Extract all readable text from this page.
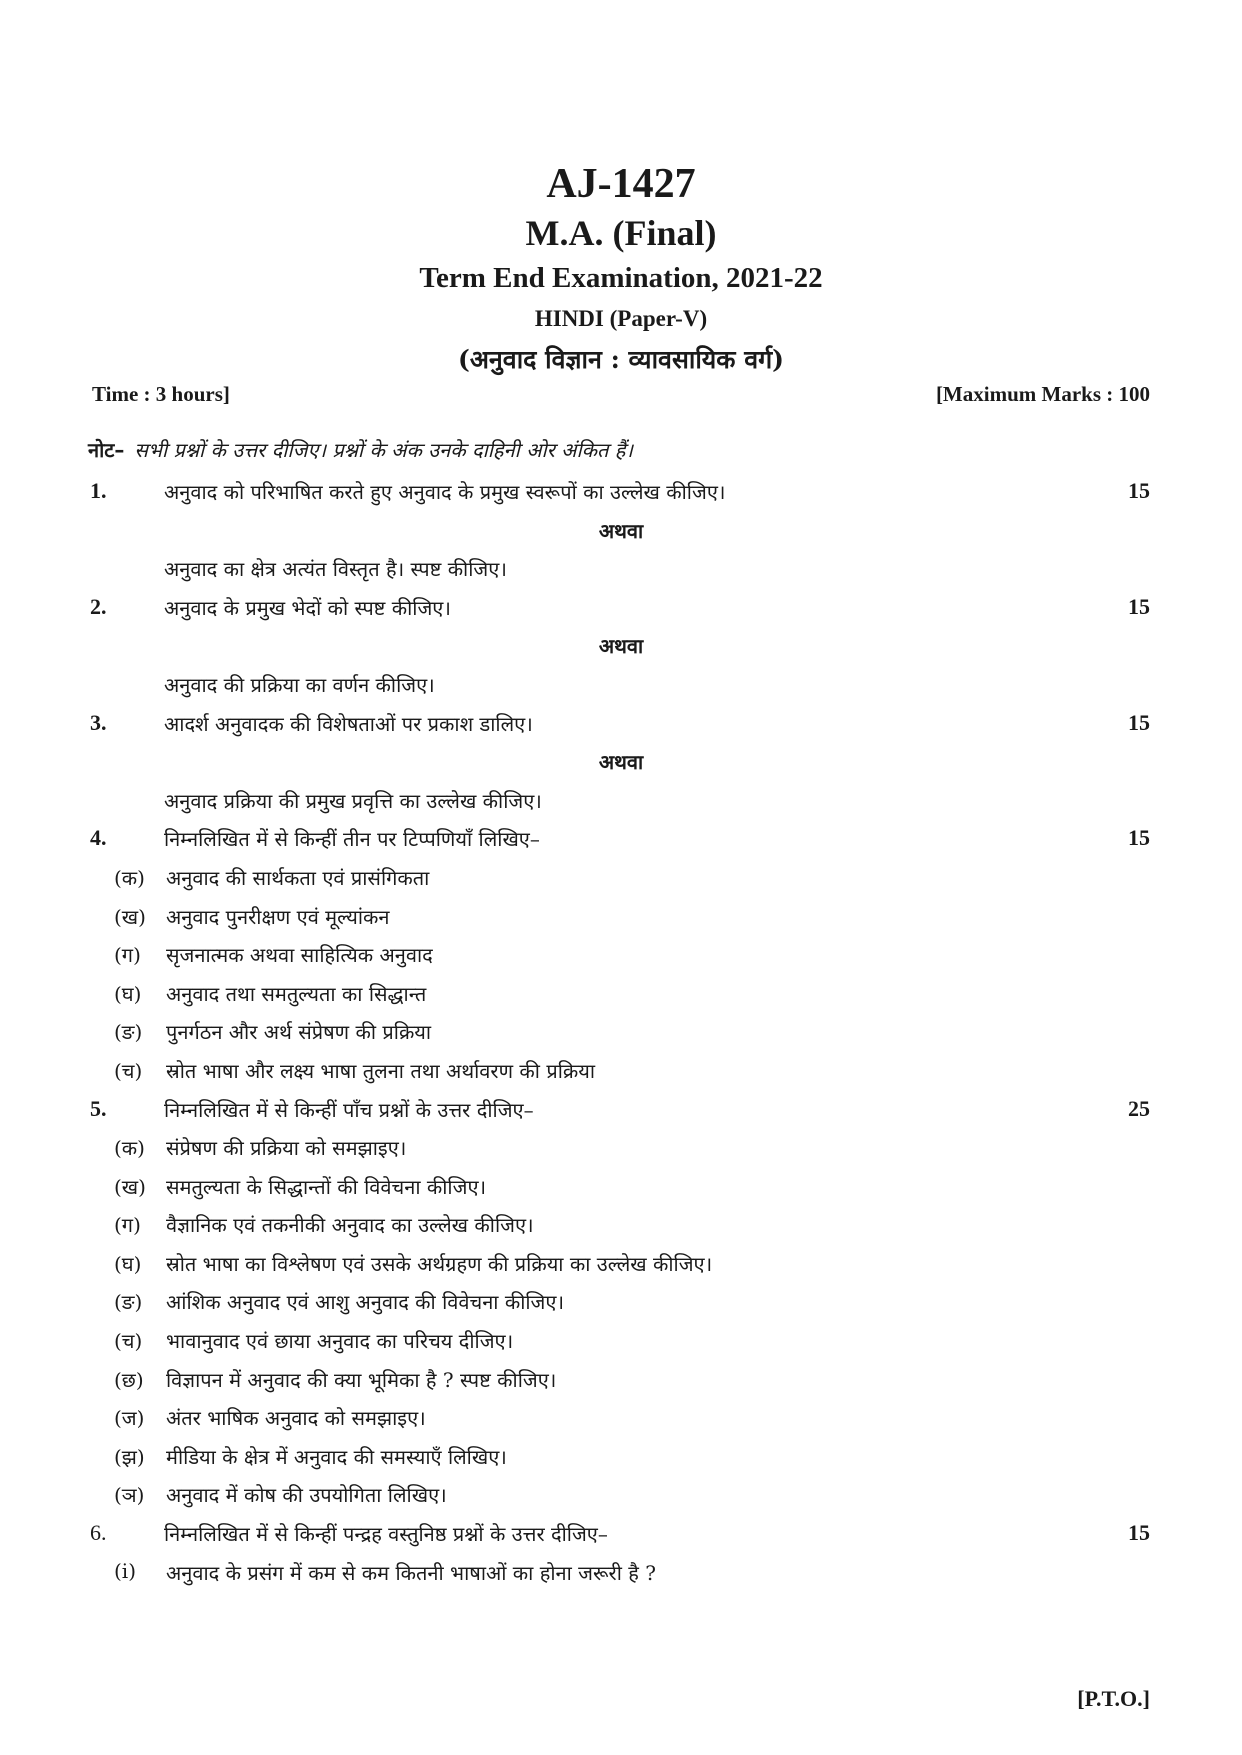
AJ-1427
M.A. (Final)
Term End Examination, 2021-22
HINDI (Paper-V)
(अनुवाद विज्ञान : व्यावसायिक वर्ग)
Time : 3 hours]	[Maximum Marks : 100
नोट– सभी प्रश्नों के उत्तर दीजिए। प्रश्नों के अंक उनके दाहिनी ओर अंकित हैं।
1.	अनुवाद को परिभाषित करते हुए अनुवाद के प्रमुख स्वरूपों का उल्लेख कीजिए।	15
अथवा
अनुवाद का क्षेत्र अत्यंत विस्तृत है। स्पष्ट कीजिए।
2.	अनुवाद के प्रमुख भेदों को स्पष्ट कीजिए।	15
अथवा
अनुवाद की प्रक्रिया का वर्णन कीजिए।
3.	आदर्श अनुवादक की विशेषताओं पर प्रकाश डालिए।	15
अथवा
अनुवाद प्रक्रिया की प्रमुख प्रवृत्ति का उल्लेख कीजिए।
4.	निम्नलिखित में से किन्हीं तीन पर टिप्पणियाँ लिखिए–	15
(क) अनुवाद की सार्थकता एवं प्रासंगिकता
(ख) अनुवाद पुनरीक्षण एवं मूल्यांकन
(ग) सृजनात्मक अथवा साहित्यिक अनुवाद
(घ) अनुवाद तथा समतुल्यता का सिद्धान्त
(ङ) पुनर्गठन और अर्थ संप्रेषण की प्रक्रिया
(च) स्रोत भाषा और लक्ष्य भाषा तुलना तथा अर्थावरण की प्रक्रिया
5.	निम्नलिखित में से किन्हीं पाँच प्रश्नों के उत्तर दीजिए–	25
(क) संप्रेषण की प्रक्रिया को समझाइए।
(ख) समतुल्यता के सिद्धान्तों की विवेचना कीजिए।
(ग) वैज्ञानिक एवं तकनीकी अनुवाद का उल्लेख कीजिए।
(घ) स्रोत भाषा का विश्लेषण एवं उसके अर्थग्रहण की प्रक्रिया का उल्लेख कीजिए।
(ङ) आंशिक अनुवाद एवं आशु अनुवाद की विवेचना कीजिए।
(च) भावानुवाद एवं छाया अनुवाद का परिचय दीजिए।
(छ) विज्ञापन में अनुवाद की क्या भूमिका है ? स्पष्ट कीजिए।
(ज) अंतर भाषिक अनुवाद को समझाइए।
(झ) मीडिया के क्षेत्र में अनुवाद की समस्याएँ लिखिए।
(ञ) अनुवाद में कोष की उपयोगिता लिखिए।
6.	निम्नलिखित में से किन्हीं पन्द्रह वस्तुनिष्ठ प्रश्नों के उत्तर दीजिए–	15
(i) अनुवाद के प्रसंग में कम से कम कितनी भाषाओं का होना जरूरी है ?
[P.T.O.]
